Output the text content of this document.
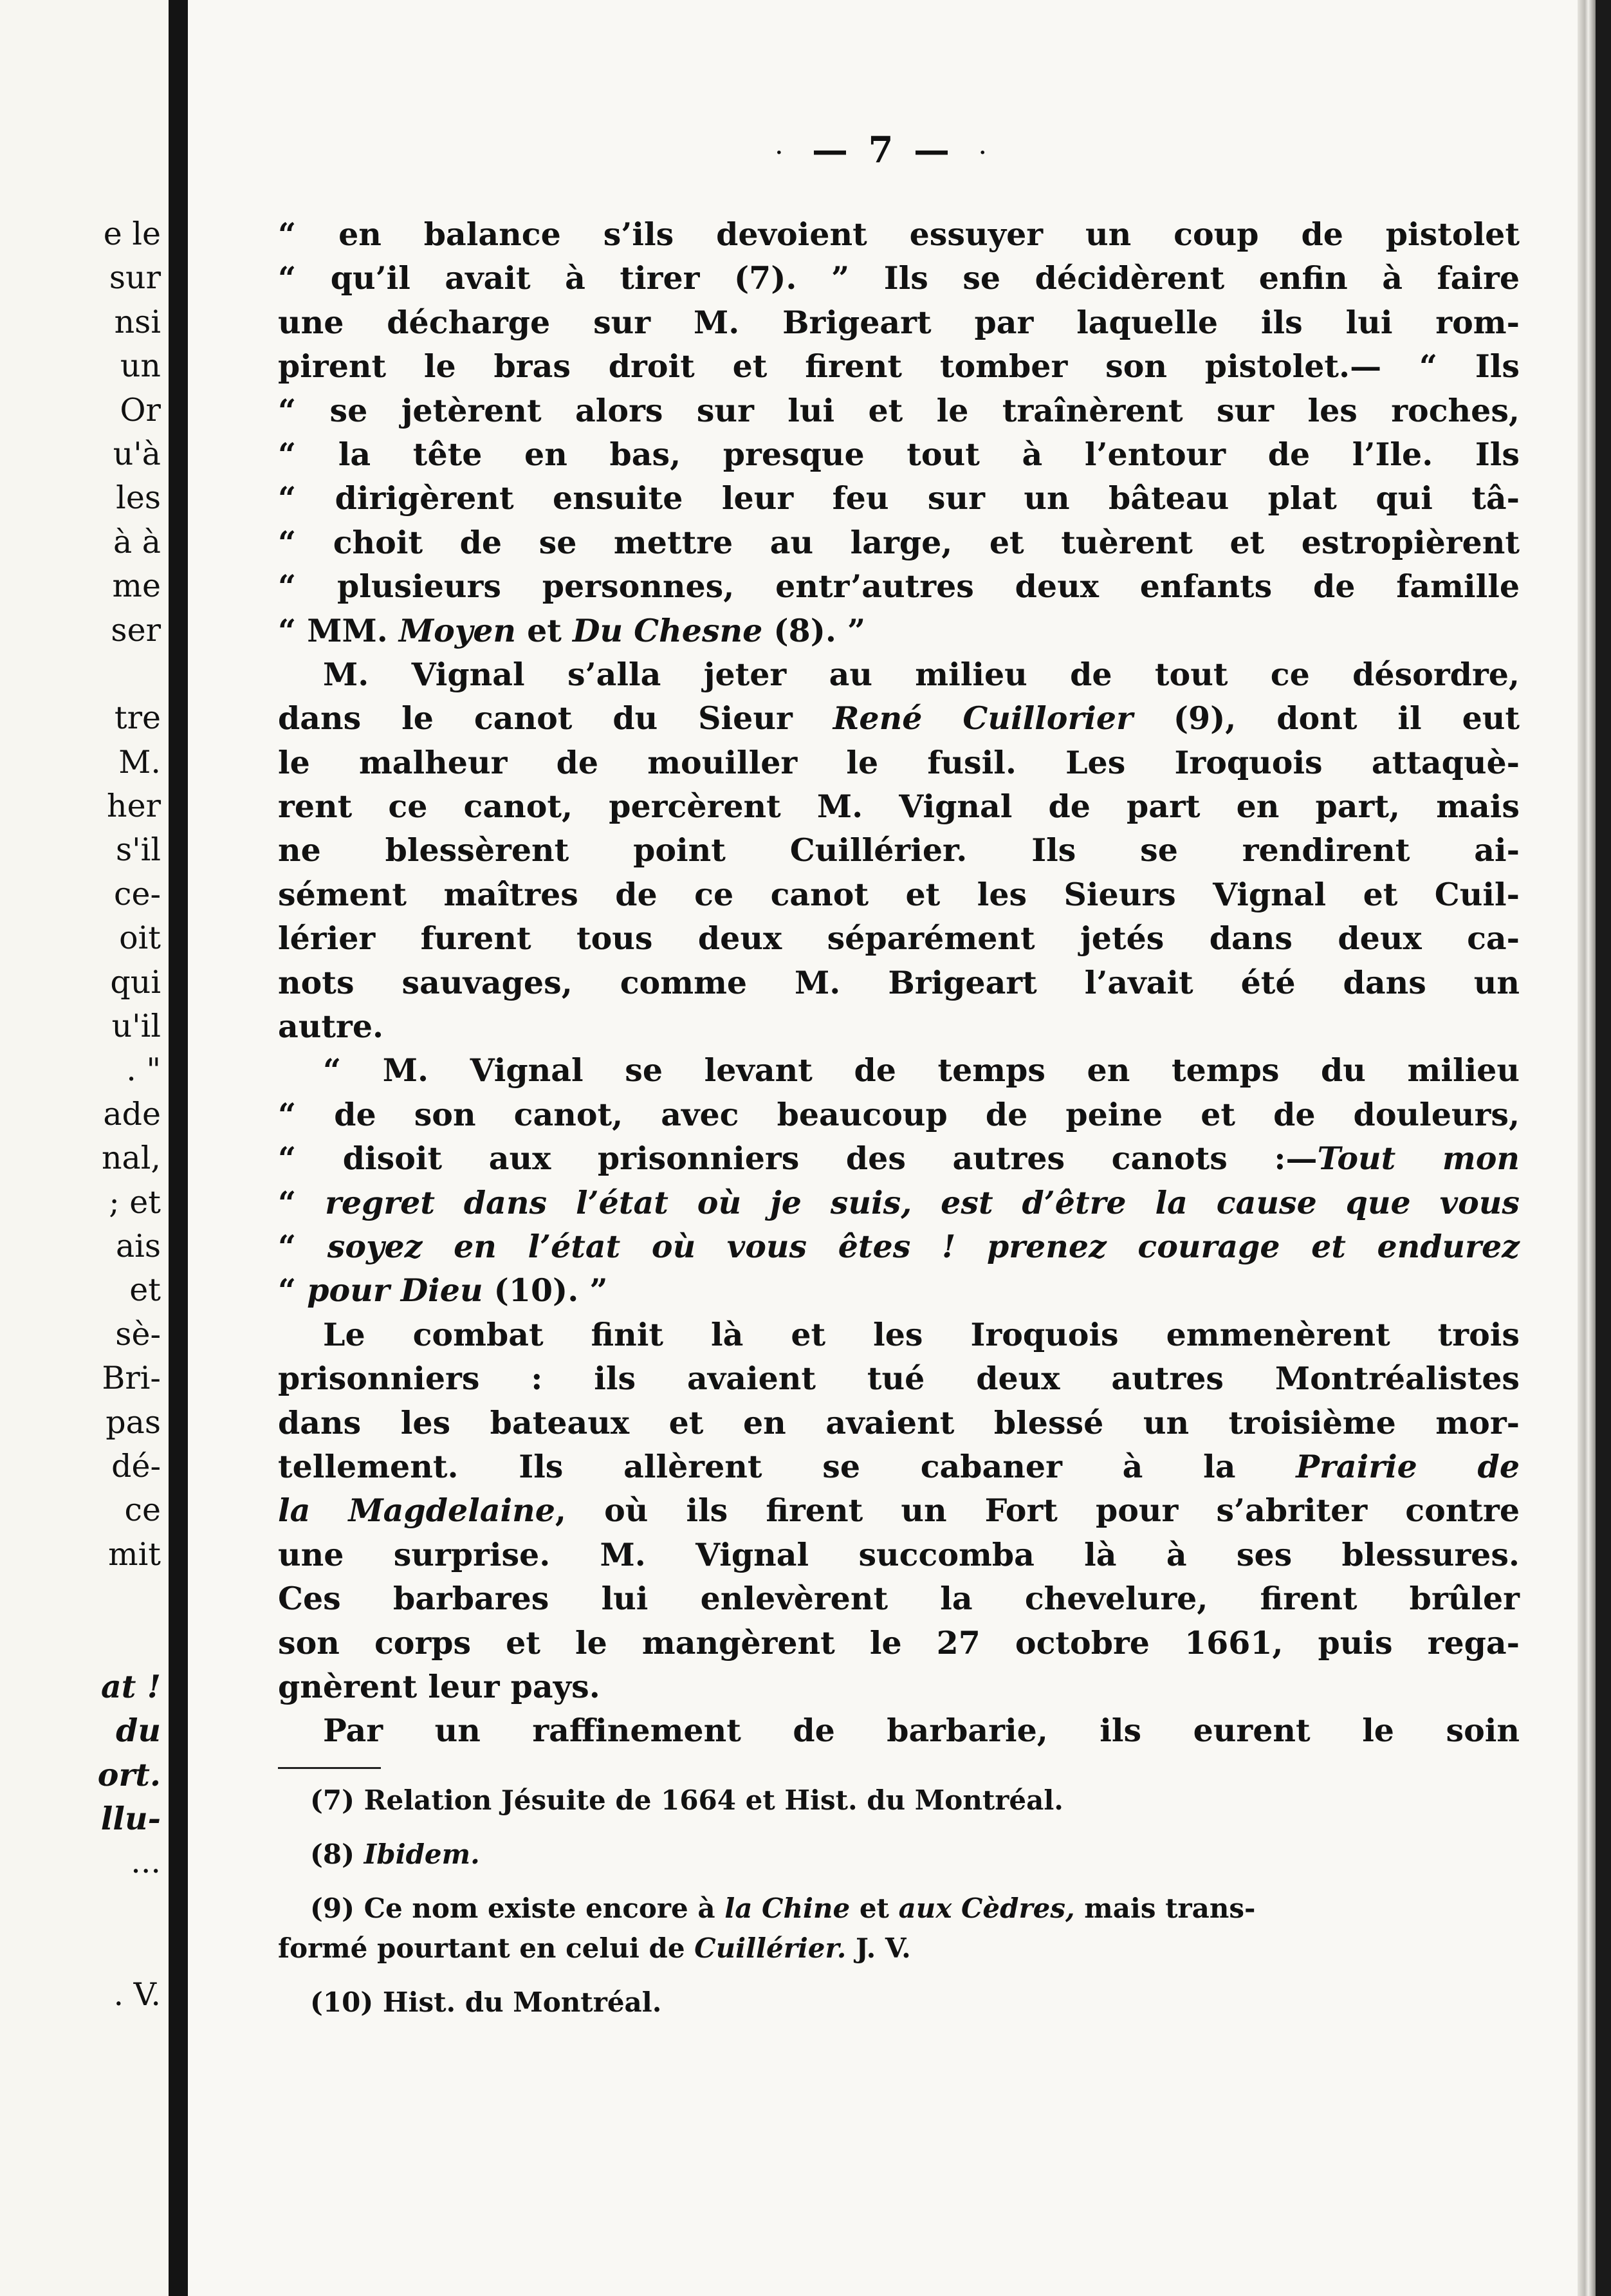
e le
sur
nsi
un
Or
u'à
les
à à
me
ser
tre
M.
her
s'il
ce-
oit
qui
u'il
. "
ade
nal,
; et
ais
et
sè-
Bri-
pas
dé-
ce
mit
at !
du
ort.
llu-
...
. V.
· — 7 — ·
“ en balance s’ils devoient essuyer un coup de pistolet
“ qu’il avait à tirer (7). ” Ils se décidèrent enfin à faire
une décharge sur M. Brigeart par laquelle ils lui rom-
pirent le bras droit et firent tomber son pistolet.— “ Ils
“ se jetèrent alors sur lui et le traînèrent sur les roches,
“ la tête en bas, presque tout à l’entour de l’Ile. Ils
“ dirigèrent ensuite leur feu sur un bâteau plat qui tâ-
“ choit de se mettre au large, et tuèrent et estropièrent
“ plusieurs personnes, entr’autres deux enfants de famille
“ MM. Moyen et Du Chesne (8). ”
M. Vignal s’alla jeter au milieu de tout ce désordre,
dans le canot du Sieur René Cuillorier (9), dont il eut
le malheur de mouiller le fusil. Les Iroquois attaquè-
rent ce canot, percèrent M. Vignal de part en part, mais
ne blessèrent point Cuillérier. Ils se rendirent ai-
sément maîtres de ce canot et les Sieurs Vignal et Cuil-
lérier furent tous deux séparément jetés dans deux ca-
nots sauvages, comme M. Brigeart l’avait été dans un
autre.
“ M. Vignal se levant de temps en temps du milieu
“ de son canot, avec beaucoup de peine et de douleurs,
“ disoit aux prisonniers des autres canots :—Tout mon
“ regret dans l’état où je suis, est d’être la cause que vous
“ soyez en l’état où vous êtes ! prenez courage et endurez
“ pour Dieu (10). ”
Le combat finit là et les Iroquois emmenèrent trois
prisonniers : ils avaient tué deux autres Montréalistes
dans les bateaux et en avaient blessé un troisième mor-
tellement. Ils allèrent se cabaner à la Prairie de
la Magdelaine, où ils firent un Fort pour s’abriter contre
une surprise. M. Vignal succomba là à ses blessures.
Ces barbares lui enlevèrent la chevelure, firent brûler
son corps et le mangèrent le 27 octobre 1661, puis rega-
gnèrent leur pays.
Par un raffinement de barbarie, ils eurent le soin
(7) Relation Jésuite de 1664 et Hist. du Montréal.
(8) Ibidem.
(9) Ce nom existe encore à la Chine et aux Cèdres, mais trans-
formé pourtant en celui de Cuillérier. J. V.
(10) Hist. du Montréal.
